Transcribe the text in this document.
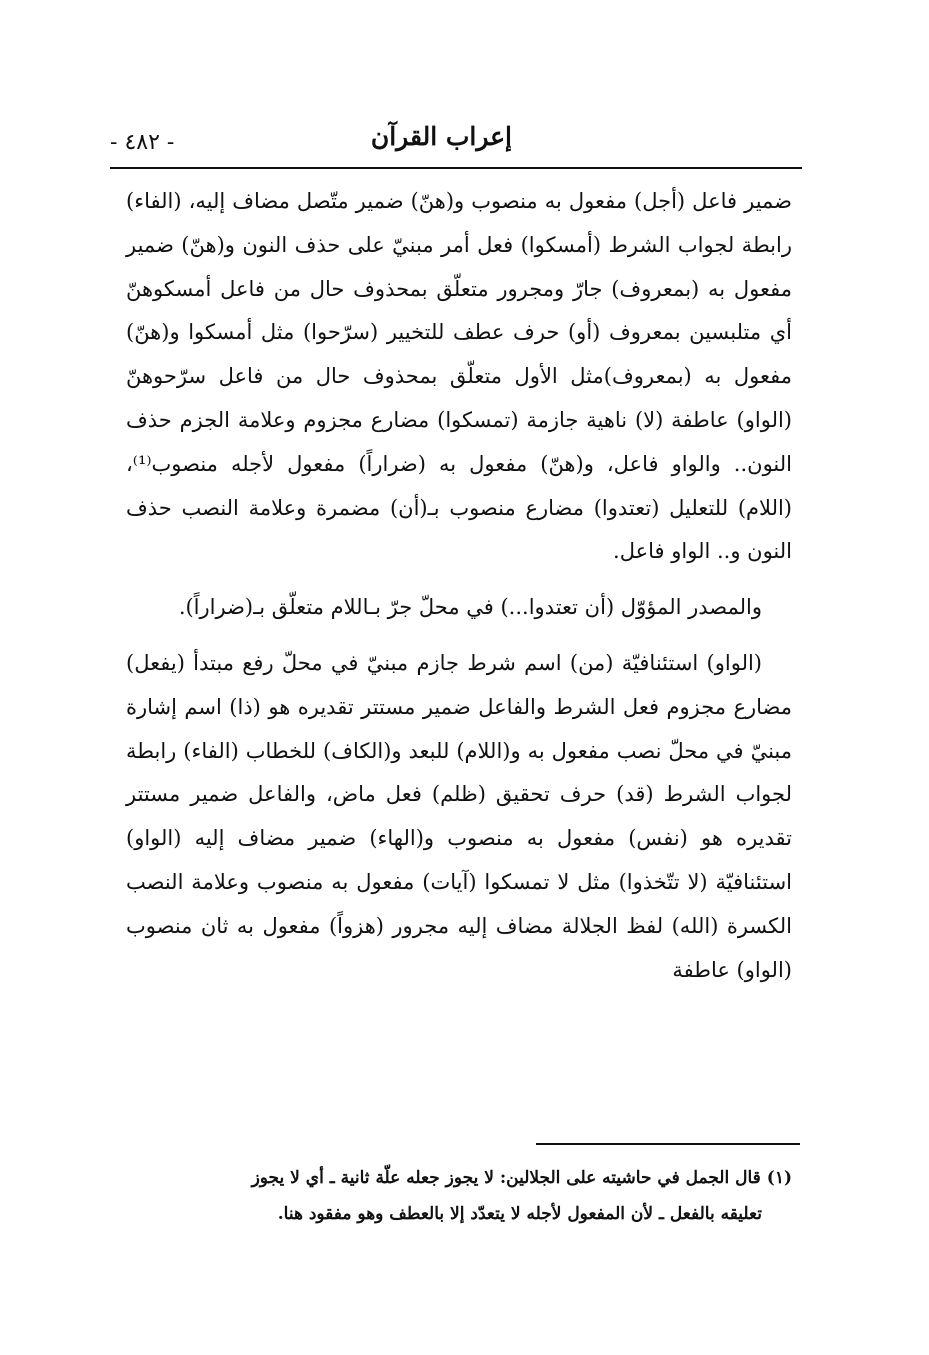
إعراب القرآن
- ٤٨٢ -

ضمير فاعل (أجل) مفعول به منصوب و(هنّ) ضمير متّصل مضاف إليه، (الفاء) رابطة لجواب الشرط (أمسكوا) فعل أمر مبنيّ على حذف النون و(هنّ) ضمير مفعول به (بمعروف) جارّ ومجرور متعلّق بمحذوف حال من فاعل أمسكوهنّ أي متلبسين بمعروف (أو) حرف عطف للتخيير (سرّحوا) مثل أمسكوا و(هنّ) مفعول به (بمعروف)مثل الأول متعلّق بمحذوف حال من فاعل سرّحوهنّ (الواو) عاطفة (لا) ناهية جازمة (تمسكوا) مضارع مجزوم وعلامة الجزم حذف النون.. والواو فاعل، و(هنّ) مفعول به (ضراراً) مفعول لأجله منصوب⁽¹⁾، (اللام) للتعليل (تعتدوا) مضارع منصوب بـ(أن) مضمرة وعلامة النصب حذف النون و.. الواو فاعل.

والمصدر المؤوّل (أن تعتدوا...) في محلّ جرّ بـاللام متعلّق بـ(ضراراً).

(الواو) استئنافيّة (من) اسم شرط جازم مبنيّ في محلّ رفع مبتدأ (يفعل) مضارع مجزوم فعل الشرط والفاعل ضمير مستتر تقديره هو (ذا) اسم إشارة مبنيّ في محلّ نصب مفعول به و(اللام) للبعد و(الكاف) للخطاب (الفاء) رابطة لجواب الشرط (قد) حرف تحقيق (ظلم) فعل ماض، والفاعل ضمير مستتر تقديره هو (نفس) مفعول به منصوب و(الهاء) ضمير مضاف إليه (الواو) استئنافيّة (لا تتّخذوا) مثل لا تمسكوا (آيات) مفعول به منصوب وعلامة النصب الكسرة (الله) لفظ الجلالة مضاف إليه مجرور (هزواً) مفعول به ثان منصوب (الواو) عاطفة

(١)قال الجمل في حاشيته على الجلالين: لا يجوز جعله علّة ثانية ـ أي لا يجوز

تعليقه بالفعل ـ لأن المفعول لأجله لا يتعدّد إلا بالعطف وهو مفقود هنا.
